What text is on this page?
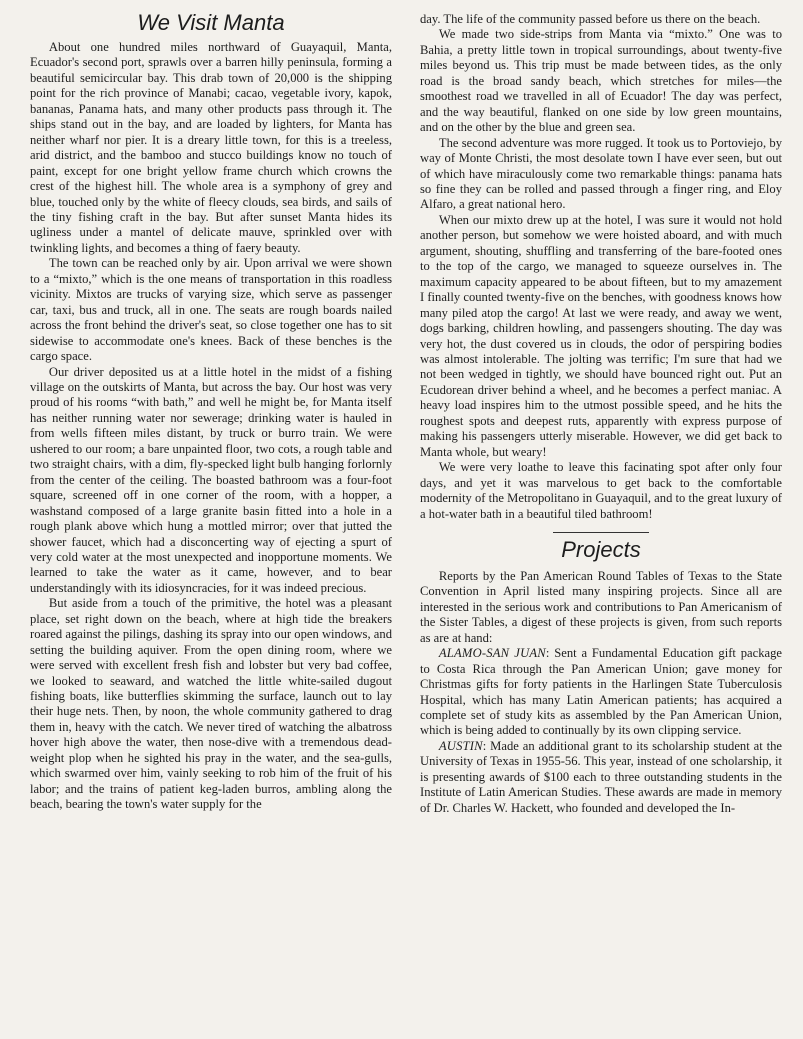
We Visit Manta

About one hundred miles northward of Guayaquil, Manta, Ecuador's second port, sprawls over a barren hilly peninsula, forming a beautiful semicircular bay. This drab town of 20,000 is the shipping point for the rich province of Manabi; cacao, vegetable ivory, kapok, bananas, Panama hats, and many other products pass through it. The ships stand out in the bay, and are loaded by lighters, for Manta has neither wharf nor pier. It is a dreary little town, for this is a treeless, arid district, and the bamboo and stucco buildings know no touch of paint, except for one bright yellow frame church which crowns the crest of the highest hill. The whole area is a symphony of grey and blue, touched only by the white of fleecy clouds, sea birds, and sails of the tiny fishing craft in the bay. But after sunset Manta hides its ugliness under a mantel of delicate mauve, sprinkled over with twinkling lights, and becomes a thing of faery beauty.

The town can be reached only by air. Upon arrival we were shown to a “mixto,” which is the one means of transportation in this roadless vicinity. Mixtos are trucks of varying size, which serve as passenger car, taxi, bus and truck, all in one. The seats are rough boards nailed across the front behind the driver's seat, so close together one has to sit sidewise to accommodate one's knees. Back of these benches is the cargo space.

Our driver deposited us at a little hotel in the midst of a fishing village on the outskirts of Manta, but across the bay. Our host was very proud of his rooms “with bath,” and well he might be, for Manta itself has neither running water nor sewerage; drinking water is hauled in from wells fifteen miles distant, by truck or burro train. We were ushered to our room; a bare unpainted floor, two cots, a rough table and two straight chairs, with a dim, fly-specked light bulb hanging forlornly from the center of the ceiling. The boasted bathroom was a four-foot square, screened off in one corner of the room, with a hopper, a washstand composed of a large granite basin fitted into a hole in a rough plank above which hung a mottled mirror; over that jutted the shower faucet, which had a disconcerting way of ejecting a spurt of very cold water at the most unexpected and inopportune moments. We learned to take the water as it came, however, and to bear understandingly with its idiosyncracies, for it was indeed precious.

But aside from a touch of the primitive, the hotel was a pleasant place, set right down on the beach, where at high tide the breakers roared against the pilings, dashing its spray into our open windows, and setting the building aquiver. From the open dining room, where we were served with excellent fresh fish and lobster but very bad coffee, we looked to seaward, and watched the little white-sailed dugout fishing boats, like butterflies skimming the surface, launch out to lay their huge nets. Then, by noon, the whole community gathered to drag them in, heavy with the catch. We never tired of watching the albatross hover high above the water, then nose-dive with a tremendous dead-weight plop when he sighted his pray in the water, and the sea-gulls, which swarmed over him, vainly seeking to rob him of the fruit of his labor; and the trains of patient keg-laden burros, ambling along the beach, bearing the town's water supply for the

day. The life of the community passed before us there on the beach.

We made two side-strips from Manta via “mixto.” One was to Bahia, a pretty little town in tropical surroundings, about twenty-five miles beyond us. This trip must be made between tides, as the only road is the broad sandy beach, which stretches for miles—the smoothest road we travelled in all of Ecuador! The day was perfect, and the way beautiful, flanked on one side by low green mountains, and on the other by the blue and green sea.

The second adventure was more rugged. It took us to Portoviejo, by way of Monte Christi, the most desolate town I have ever seen, but out of which have miraculously come two remarkable things: panama hats so fine they can be rolled and passed through a finger ring, and Eloy Alfaro, a great national hero.

When our mixto drew up at the hotel, I was sure it would not hold another person, but somehow we were hoisted aboard, and with much argument, shouting, shuffling and transferring of the bare-footed ones to the top of the cargo, we managed to squeeze ourselves in. The maximum capacity appeared to be about fifteen, but to my amazement I finally counted twenty-five on the benches, with goodness knows how many piled atop the cargo! At last we were ready, and away we went, dogs barking, children howling, and passengers shouting. The day was very hot, the dust covered us in clouds, the odor of perspiring bodies was almost intolerable. The jolting was terrific; I'm sure that had we not been wedged in tightly, we should have bounced right out. Put an Ecudorean driver behind a wheel, and he becomes a perfect maniac. A heavy load inspires him to the utmost possible speed, and he hits the roughest spots and deepest ruts, apparently with express purpose of making his passengers utterly miserable. However, we did get back to Manta whole, but weary!

We were very loathe to leave this facinating spot after only four days, and yet it was marvelous to get back to the comfortable modernity of the Metropolitano in Guayaquil, and to the great luxury of a hot-water bath in a beautiful tiled bathroom!

Projects

Reports by the Pan American Round Tables of Texas to the State Convention in April listed many inspiring projects. Since all are interested in the serious work and contributions to Pan Americanism of the Sister Tables, a digest of these projects is given, from such reports as are at hand:

ALAMO-SAN JUAN: Sent a Fundamental Education gift package to Costa Rica through the Pan American Union; gave money for Christmas gifts for forty patients in the Harlingen State Tuberculosis Hospital, which has many Latin American patients; has acquired a complete set of study kits as assembled by the Pan American Union, which is being added to continually by its own clipping service.

AUSTIN: Made an additional grant to its scholarship student at the University of Texas in 1955-56. This year, instead of one scholarship, it is presenting awards of $100 each to three outstanding students in the Institute of Latin American Studies. These awards are made in memory of Dr. Charles W. Hackett, who founded and developed the In-
